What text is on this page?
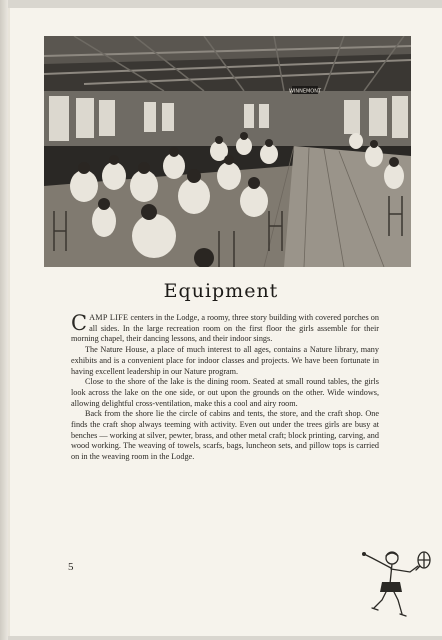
WINNEMONT
Equipment

CAMP LIFE centers in the Lodge, a roomy, three story building with covered porches on all sides. In the large recreation room on the first floor the girls assemble for their morning chapel, their dancing lessons, and their indoor sings.

The Nature House, a place of much interest to all ages, contains a Nature library, many exhibits and is a convenient place for indoor classes and projects. We have been fortunate in having excellent leadership in our Nature program.

Close to the shore of the lake is the dining room. Seated at small round tables, the girls look across the lake on the one side, or out upon the grounds on the other. Wide windows, allowing delightful cross-ventilation, make this a cool and airy room.

Back from the shore lie the circle of cabins and tents, the store, and the craft shop. One finds the craft shop always teeming with activity. Even out under the trees girls are busy at benches — working at silver, pewter, brass, and other metal craft; block printing, carving, and wood working. The weaving of towels, scarfs, bags, luncheon sets, and pillow tops is carried on in the weaving room in the Lodge.

5
